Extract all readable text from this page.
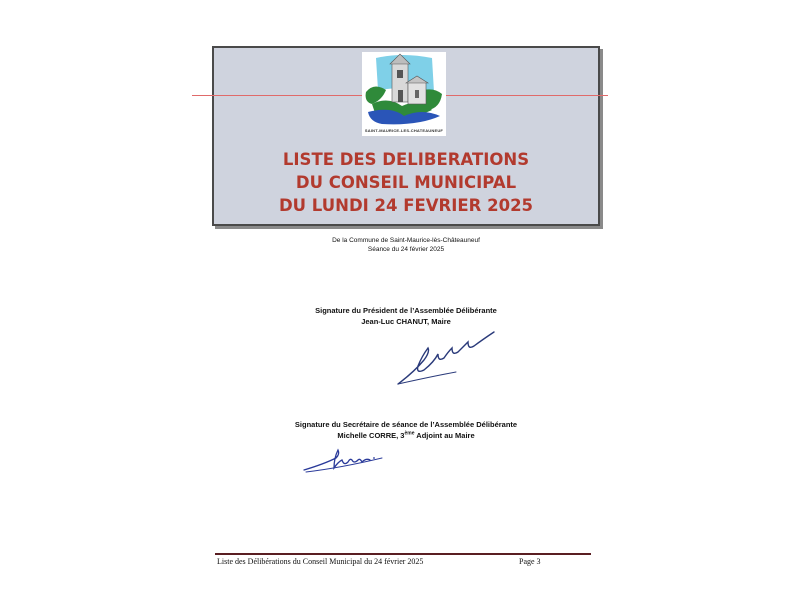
SAINT-MAURICE-LES-CHATEAUNEUF
LISTE DES DELIBERATIONS
DU CONSEIL MUNICIPAL
DU LUNDI 24 FEVRIER 2025
De la Commune de Saint-Maurice-lès-Châteauneuf
Séance du 24 février 2025
Signature du Président de l’Assemblée Délibérante
Jean-Luc CHANUT, Maire
Signature du Secrétaire de séance de l’Assemblée Délibérante
Michelle CORRE, 3ème Adjoint au Maire
Liste des Délibérations du Conseil Municipal du 24 février 2025	Page 3
